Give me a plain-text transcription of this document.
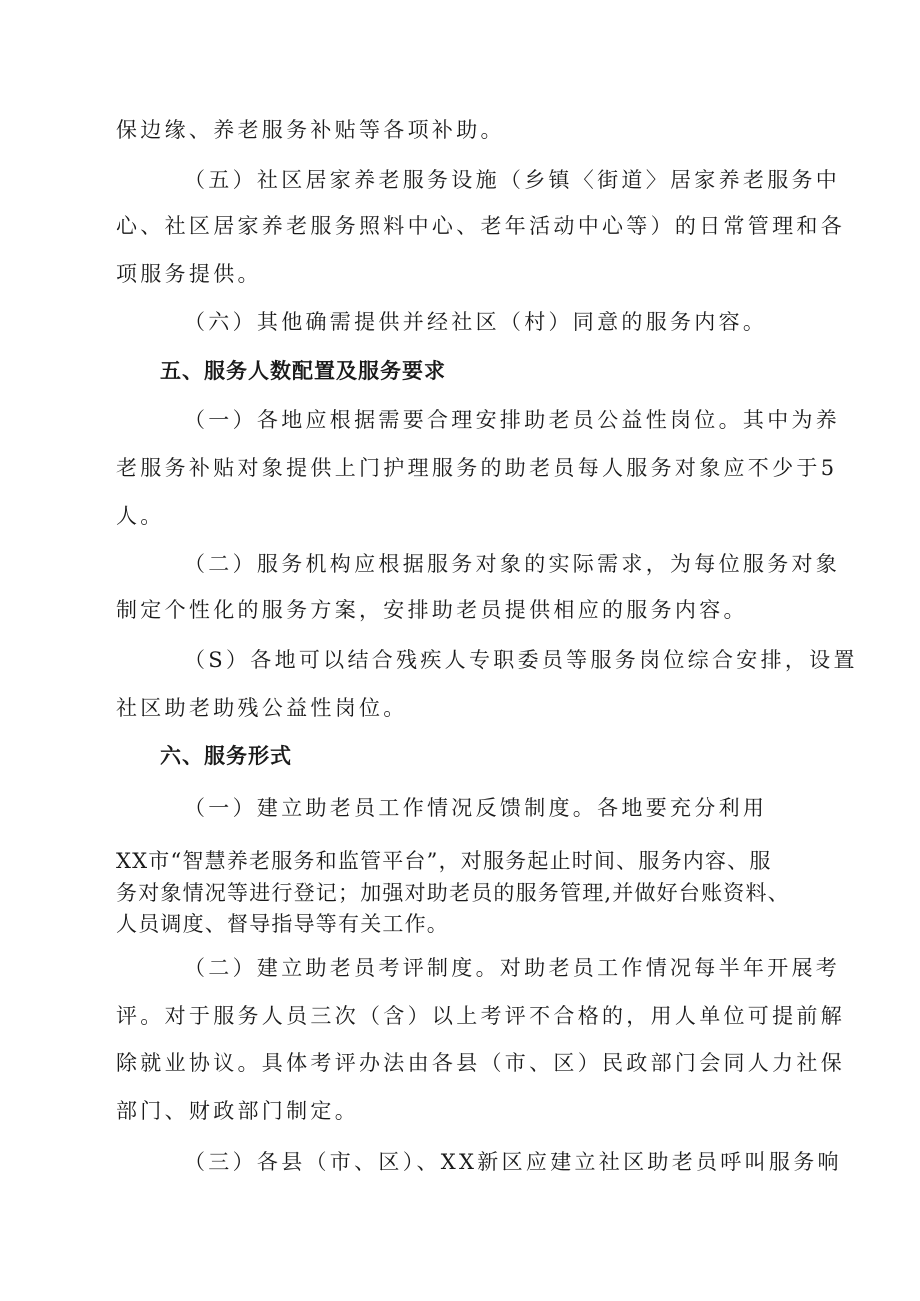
保边缘、养老服务补贴等各项补助。
（五）社区居家养老服务设施（乡镇〈街道〉居家养老服务中
心、社区居家养老服务照料中心、老年活动中心等）的日常管理和各
项服务提供。
（六）其他确需提供并经社区（村）同意的服务内容。
五、服务人数配置及服务要求
（一）各地应根据需要合理安排助老员公益性岗位。其中为养
老服务补贴对象提供上门护理服务的助老员每人服务对象应不少于5
人。
（二）服务机构应根据服务对象的实际需求，为每位服务对象
制定个性化的服务方案，安排助老员提供相应的服务内容。
（S）各地可以结合残疾人专职委员等服务岗位综合安排，设置
社区助老助残公益性岗位。
六、服务形式
（一）建立助老员工作情况反馈制度。各地要充分利用
XX市“智慧养老服务和监管平台”，对服务起止时间、服务内容、服
务对象情况等进行登记；加强对助老员的服务管理,并做好台账资料、
人员调度、督导指导等有关工作。
（二）建立助老员考评制度。对助老员工作情况每半年开展考
评。对于服务人员三次（含）以上考评不合格的，用人单位可提前解
除就业协议。具体考评办法由各县（市、区）民政部门会同人力社保
部门、财政部门制定。
（三）各县（市、区）、XX新区应建立社区助老员呼叫服务响
